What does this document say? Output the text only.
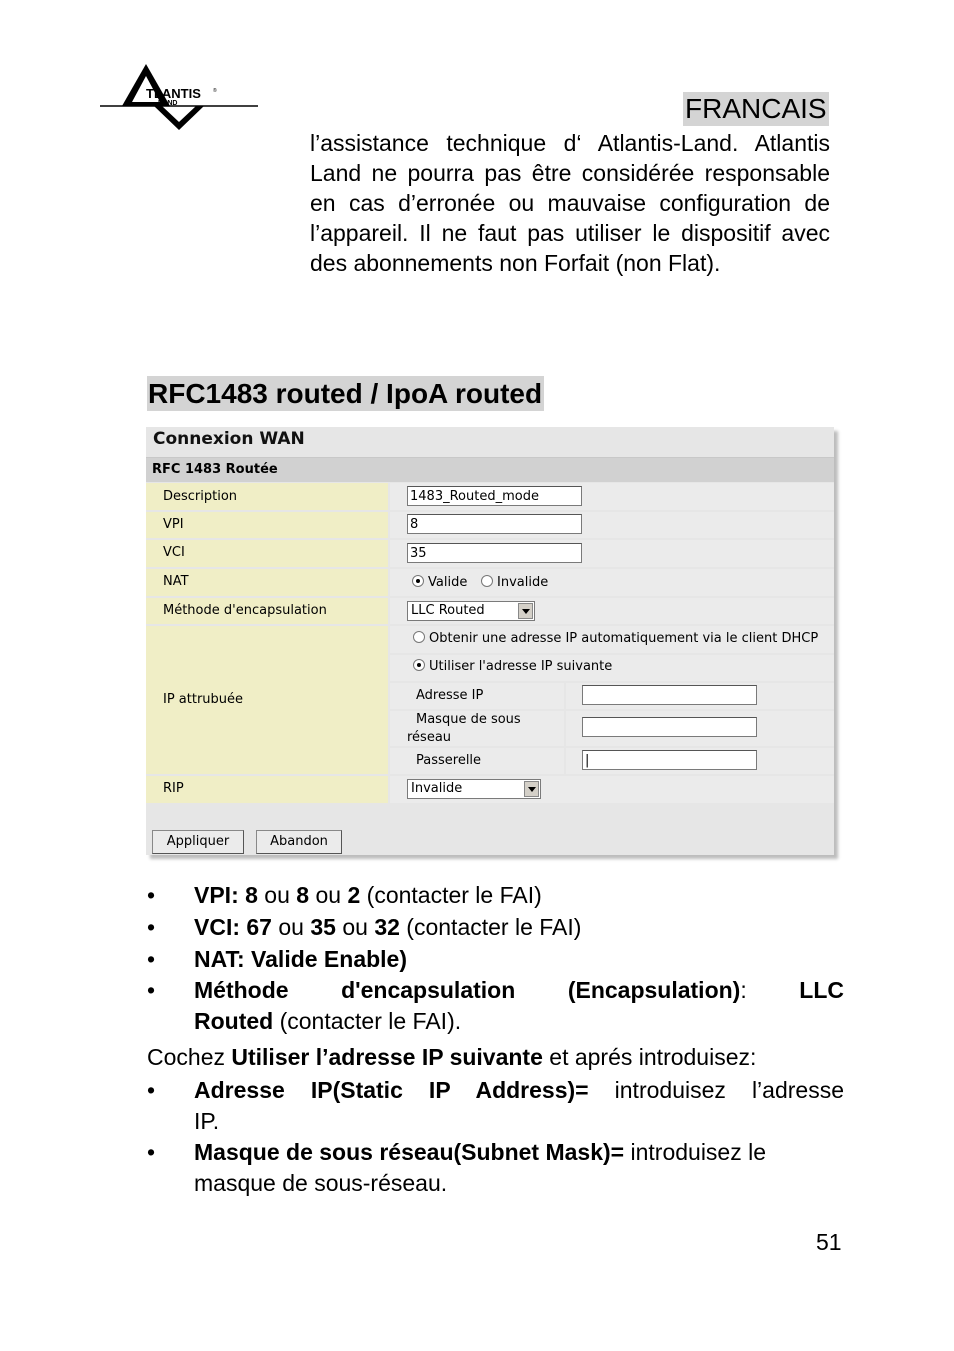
TLANTIS
LAND
®
FRANCAIS

l’assistance technique d‘ Atlantis-Land. Atlantis Land ne pourra pas être considérée responsable en cas d’erronée ou mauvaise configuration de l’appareil. Il ne faut pas utiliser le dispositif avec des abonnements non Forfait (non Flat).

RFC1483 routed / IpoA routed
Connexion WAN
RFC 1483 Routée
Description	1483_Routed_mode
VPI	8
VCI	35
NAT	Valide	Invalide
Méthode d'encapsulation	LLC Routed
IP attrubuée
Obtenir une adresse IP automatiquement via le client DHCP
Utiliser l'adresse IP suivante
Adresse IP
Masque de sous
réseau
Passerelle	|
RIP	Invalide
Appliquer	Abandon
• VPI: 8 ou 8 ou 2 (contacter le FAI)
• VCI: 67 ou 35 ou 32 (contacter le FAI)
• NAT: Valide Enable)
• Méthode d'encapsulation (Encapsulation): LLC
Routed (contacter le FAI).
Cochez Utiliser l’adresse IP suivante et aprés introduisez:
• Adresse IP(Static IP Address)= introduisez l’adresse
IP.
• Masque de sous réseau(Subnet Mask)= introduisez le
masque de sous-réseau.
51
